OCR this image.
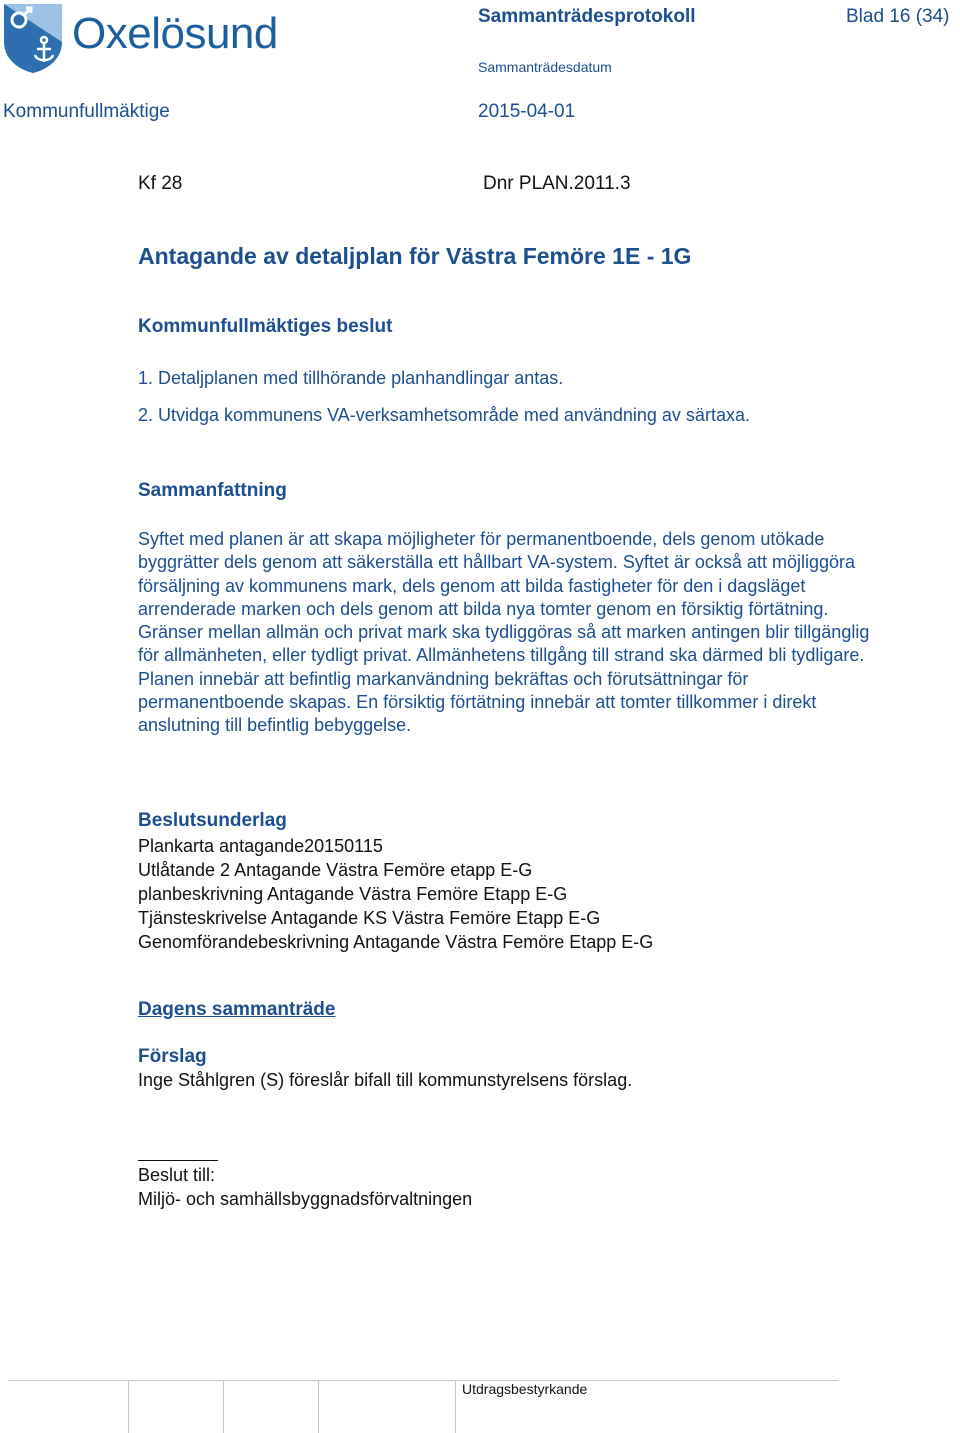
Oxelösund	Sammanträdesprotokoll	Blad 16 (34)
Sammanträdesdatum
Kommunfullmäktige	2015-04-01
Kf 28	Dnr PLAN.2011.3
Antagande av detaljplan för Västra Femöre 1E - 1G
Kommunfullmäktiges beslut
1. Detaljplanen med tillhörande planhandlingar antas.
2. Utvidga kommunens VA-verksamhetsområde med användning av särtaxa.
Sammanfattning

Syftet med planen är att skapa möjligheter för permanentboende, dels genom utökade byggrätter dels genom att säkerställa ett hållbart VA-system. Syftet är också att möjliggöra försäljning av kommunens mark, dels genom att bilda fastigheter för den i dagsläget arrenderade marken och dels genom att bilda nya tomter genom en försiktig förtätning. Gränser mellan allmän och privat mark ska tydliggöras så att marken antingen blir tillgänglig för allmänheten, eller tydligt privat. Allmänhetens tillgång till strand ska därmed bli tydligare. Planen innebär att befintlig markanvändning bekräftas och förutsättningar för permanentboende skapas. En försiktig förtätning innebär att tomter tillkommer i direkt anslutning till befintlig bebyggelse.

Beslutsunderlag
Plankarta antagande20150115
Utlåtande 2 Antagande Västra Femöre etapp E-G
planbeskrivning Antagande Västra Femöre Etapp E-G
Tjänsteskrivelse Antagande KS Västra Femöre Etapp E-G
Genomförandebeskrivning Antagande Västra Femöre Etapp E-G
Dagens sammanträde
Förslag
Inge Ståhlgren (S) föreslår bifall till kommunstyrelsens förslag.
Beslut till:
Miljö- och samhällsbyggnadsförvaltningen
Utdragsbestyrkande
